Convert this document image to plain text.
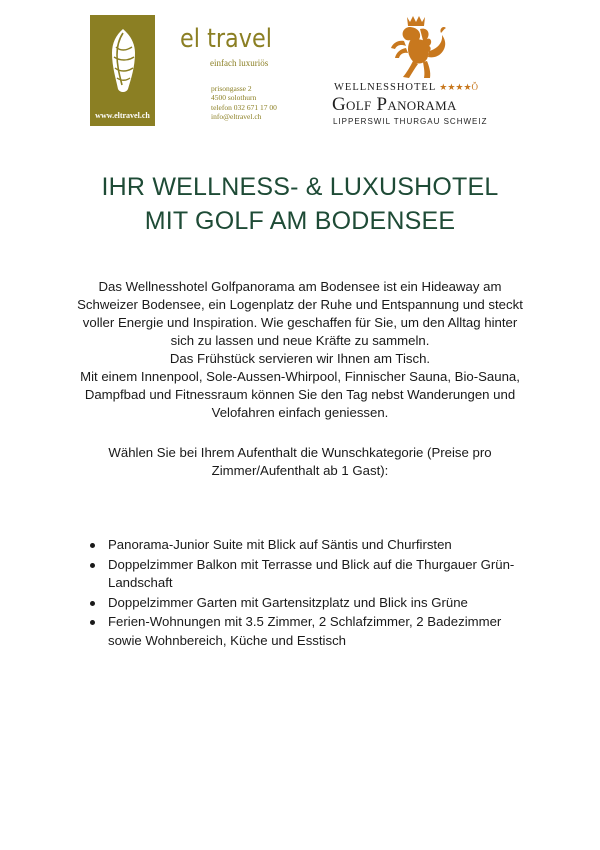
www.eltravel.ch
el travel
einfach luxuriös
prisongasse 2
4500 solothurn
telefon 032 671 17 00
info@eltravel.ch
WELLNESSHOTEL ★★★★Ŏ
Golf Panorama
LIPPERSWIL THURGAU SCHWEIZ
IHR WELLNESS- & LUXUSHOTEL
MIT GOLF AM BODENSEE

Das Wellnesshotel Golfpanorama am Bodensee ist ein Hideaway am Schweizer Bodensee, ein Logenplatz der Ruhe und Entspannung und steckt voller Energie und Inspiration. Wie geschaffen für Sie, um den Alltag hinter sich zu lassen und neue Kräfte zu sammeln.

Das Frühstück servieren wir Ihnen am Tisch.

Mit einem Innenpool, Sole-Aussen-Whirpool, Finnischer Sauna, Bio-Sauna, Dampfbad und Fitnessraum können Sie den Tag nebst Wanderungen und Velofahren einfach geniessen.

Wählen Sie bei Ihrem Aufenthalt die Wunschkategorie (Preise pro Zimmer/Aufenthalt ab 1 Gast):

Panorama-Junior Suite mit Blick auf Säntis und Churfirsten
Doppelzimmer Balkon mit Terrasse und Blick auf die Thurgauer Grün-Landschaft
Doppelzimmer Garten mit Gartensitzplatz und Blick ins Grüne
Ferien-Wohnungen mit 3.5 Zimmer, 2 Schlafzimmer, 2 Badezimmer sowie Wohnbereich, Küche und Esstisch
